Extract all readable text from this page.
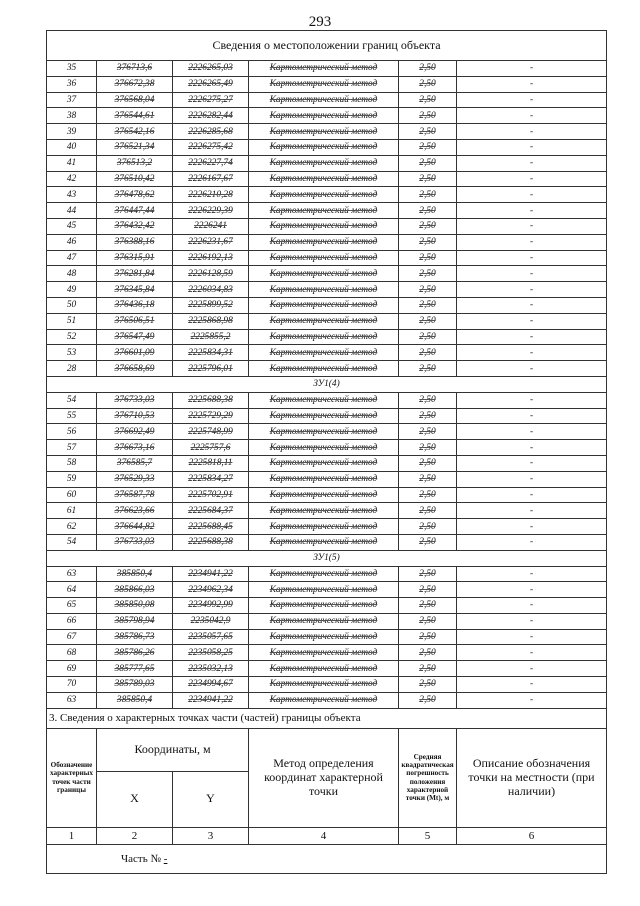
293
Сведения о местоположении границ объекта					
35	376713,6	2226265,03	Картометрический метод	2,50	-
36	376672,38	2226265,49	Картометрический метод	2,50	-
37	376568,04	2226275,27	Картометрический метод	2,50	-
38	376544,61	2226282,44	Картометрический метод	2,50	-
39	376542,16	2226285,68	Картометрический метод	2,50	-
40	376521,34	2226275,42	Картометрический метод	2,50	-
41	376513,2	2226227,74	Картометрический метод	2,50	-
42	376510,42	2226167,67	Картометрический метод	2,50	-
43	376478,62	2226210,28	Картометрический метод	2,50	-
44	376447,44	2226229,39	Картометрический метод	2,50	-
45	376432,42	2226241	Картометрический метод	2,50	-
46	376388,16	2226231,67	Картометрический метод	2,50	-
47	376315,91	2226192,13	Картометрический метод	2,50	-
48	376281,84	2226128,59	Картометрический метод	2,50	-
49	376345,84	2226034,83	Картометрический метод	2,50	-
50	376436,18	2225899,52	Картометрический метод	2,50	-
51	376506,51	2225868,98	Картометрический метод	2,50	-
52	376547,49	2225855,2	Картометрический метод	2,50	-
53	376601,09	2225834,31	Картометрический метод	2,50	-
28	376658,69	2225796,01	Картометрический метод	2,50	-
ЗУ1(4)					
54	376733,03	2225688,38	Картометрический метод	2,50	-
55	376710,53	2225729,29	Картометрический метод	2,50	-
56	376692,49	2225748,99	Картометрический метод	2,50	-
57	376673,16	2225757,6	Картометрический метод	2,50	-
58	376585,7	2225818,11	Картометрический метод	2,50	-
59	376529,33	2225834,27	Картометрический метод	2,50	-
60	376587,78	2225702,91	Картометрический метод	2,50	-
61	376623,66	2225684,37	Картометрический метод	2,50	-
62	376644,82	2225688,45	Картометрический метод	2,50	-
54	376733,03	2225688,38	Картометрический метод	2,50	-
ЗУ1(5)					
63	385850,4	2234941,22	Картометрический метод	2,50	-
64	385866,03	2234962,34	Картометрический метод	2,50	-
65	385850,08	2234992,99	Картометрический метод	2,50	-
66	385798,94	2235042,9	Картометрический метод	2,50	-
67	385786,73	2235057,65	Картометрический метод	2,50	-
68	385786,26	2235058,25	Картометрический метод	2,50	-
69	385777,65	2235032,13	Картометрический метод	2,50	-
70	385789,03	2234994,67	Картометрический метод	2,50	-
63	385850,4	2234941,22	Картометрический метод	2,50	-
3. Сведения о характерных точках части (частей) границы объекта					
Обозначение характерных точек части границы	Координаты, м		Метод определения координат характерной точки	Средняя квадратическая погрешность положения характерной точки (Mt), м	Описание обозначения точки на местности (при наличии)
	X	Y			
1	2	3	4	5	6
Часть № -					
